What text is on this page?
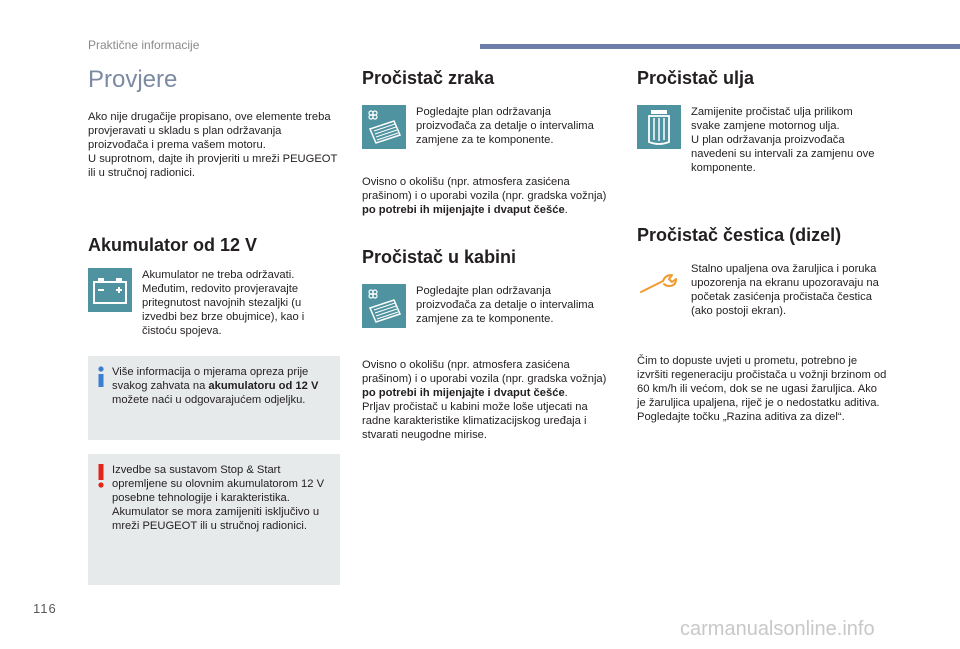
Praktične informacije
Provjere

Ako nije drugačije propisano, ove elemente treba provjeravati u skladu s plan održavanja proizvođača i prema vašem motoru.

U suprotnom, dajte ih provjeriti u mreži PEUGEOT ili u stručnoj radionici.

Akumulator od 12 V

Akumulator ne treba održavati. Međutim, redovito provjeravajte pritegnutost navojnih stezaljki (u izvedbi bez brze obujmice), kao i čistoću spojeva.

Više informacija o mjerama opreza prije svakog zahvata na akumulatoru od 12 V možete naći u odgovarajućem odjeljku.

Izvedbe sa sustavom Stop & Start opremljene su olovnim akumulatorom 12 V posebne tehnologije i karakteristika. Akumulator se mora zamijeniti isključivo u mreži PEUGEOT ili u stručnoj radionici.

Pročistač zraka

Pogledajte plan održavanja proizvođača za detalje o intervalima zamjene za te komponente.

Ovisno o okolišu (npr. atmosfera zasićena prašinom) i o uporabi vozila (npr. gradska vožnja) po potrebi ih mijenjajte i dvaput češće.

Pročistač u kabini

Pogledajte plan održavanja proizvođača za detalje o intervalima zamjene za te komponente.

Ovisno o okolišu (npr. atmosfera zasićena prašinom) i o uporabi vozila (npr. gradska vožnja) po potrebi ih mijenjajte i dvaput češće.

Prljav pročistač u kabini može loše utjecati na radne karakteristike klimatizacijskog uređaja i stvarati neugodne mirise.

Pročistač ulja

Zamijenite pročistač ulja prilikom svake zamjene motornog ulja.
U plan održavanja proizvođača navedeni su intervali za zamjenu ove komponente.

Pročistač čestica (dizel)

Stalno upaljena ova žaruljica i poruka upozorenja na ekranu upozoravaju na početak zasićenja pročistača čestica (ako postoji ekran).

Čim to dopuste uvjeti u prometu, potrebno je izvršiti regeneraciju pročistača u vožnji brzinom od 60 km/h ili većom, dok se ne ugasi žaruljica. Ako je žaruljica upaljena, riječ je o nedostatku aditiva. Pogledajte točku „Razina aditiva za dizel“.

116
carmanualsonline.info
